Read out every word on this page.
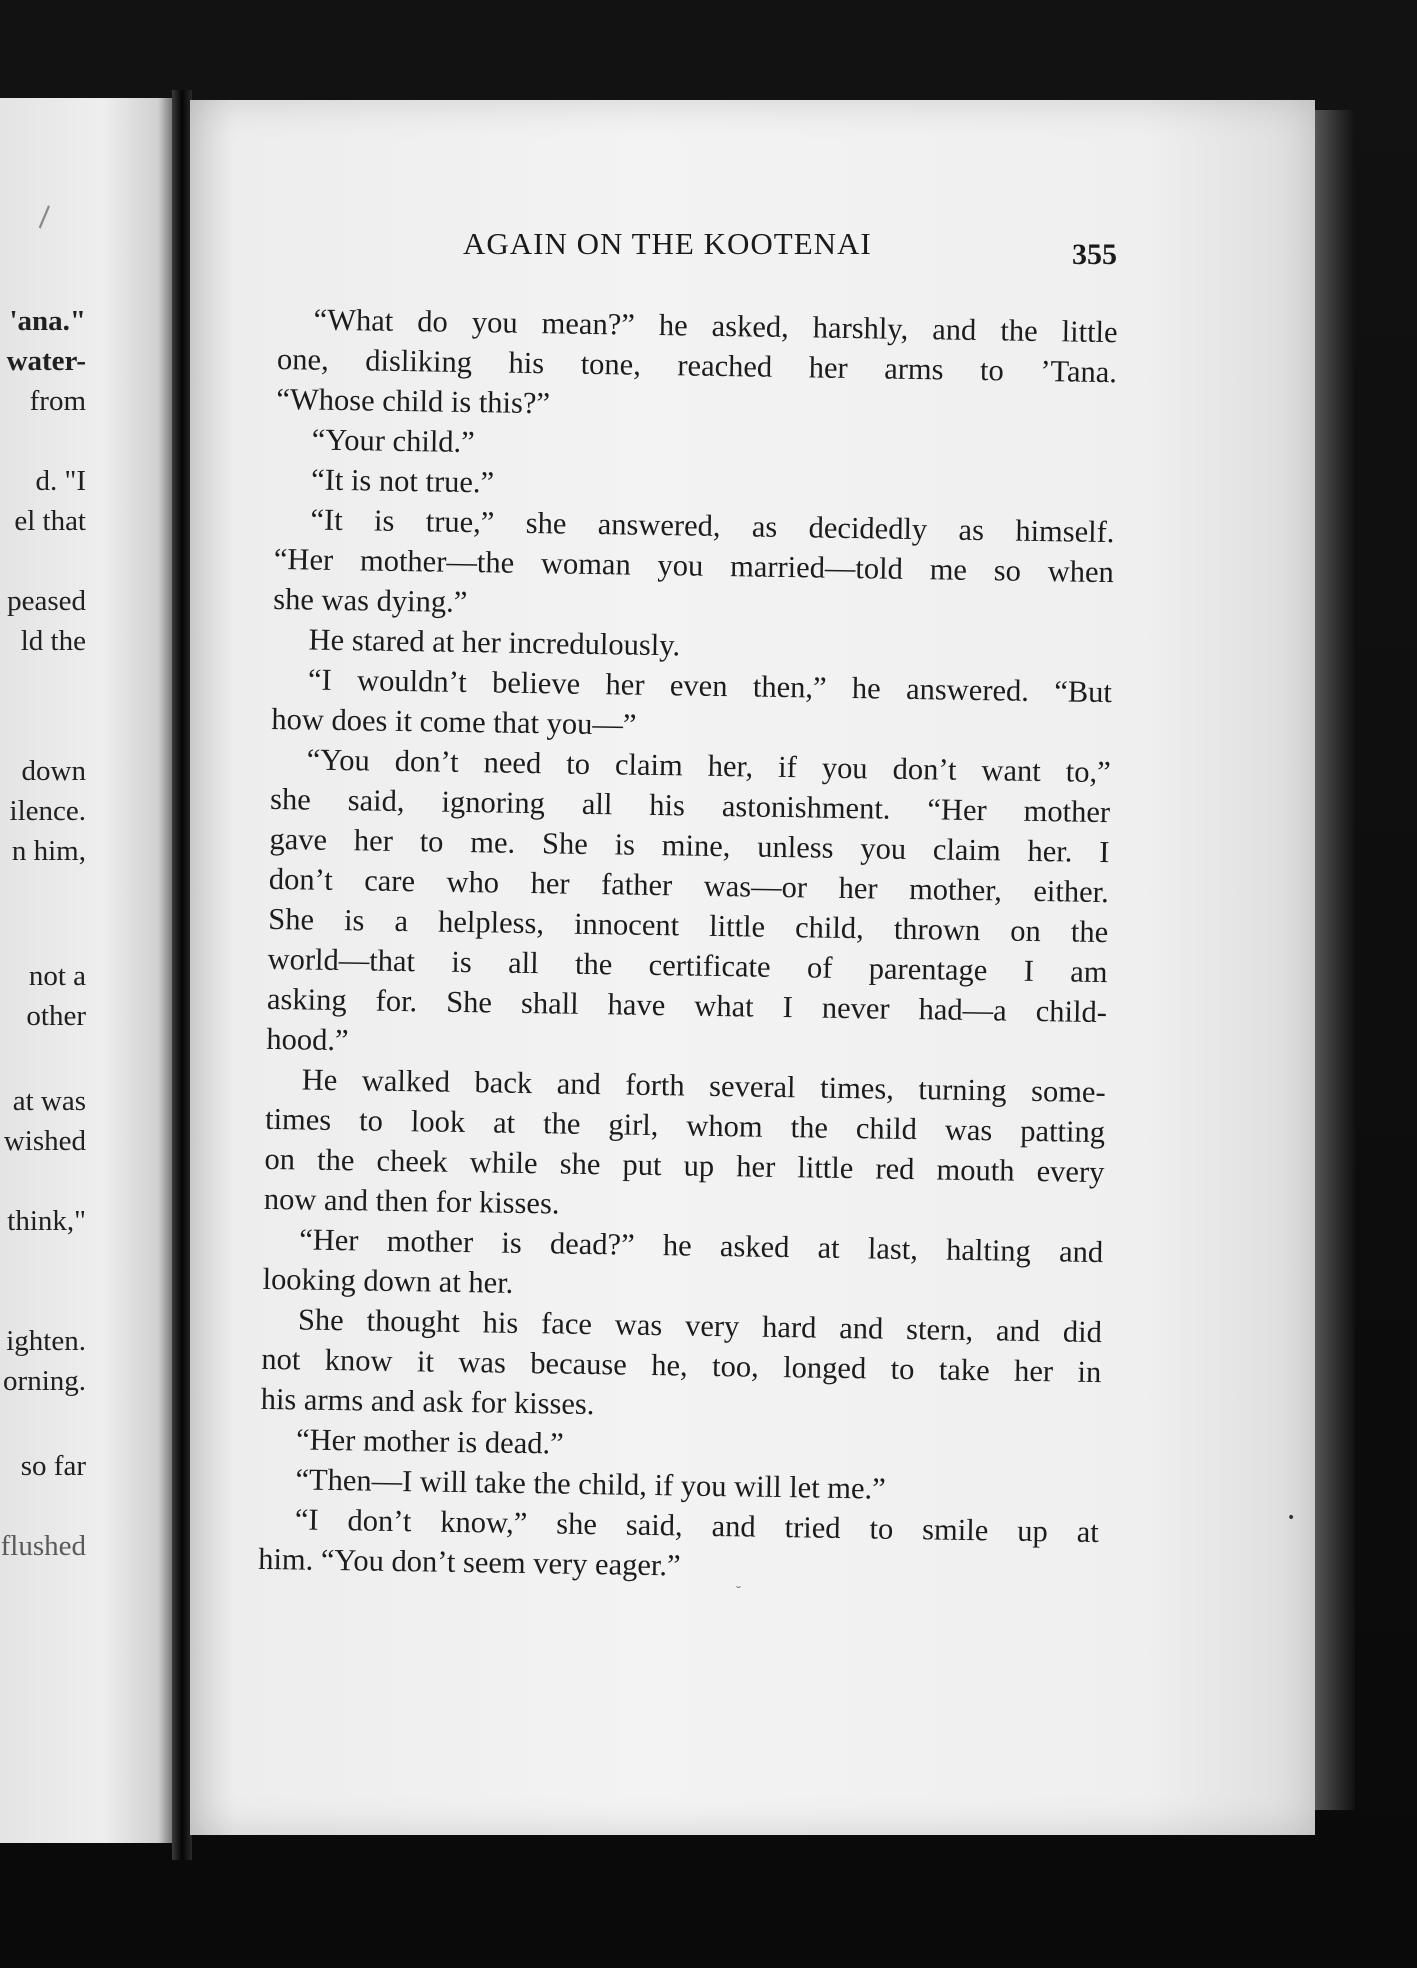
'ana."
water-
from
d. "I
el that
peased
ld the
down
ilence.
n him,
not a
other
at was
wished
think,"
ighten.
orning.
so far
flushed
AGAIN ON THE KOOTENAI	355
“What do you mean?” he asked, harshly, and the little
one, disliking his tone, reached her arms to ’Tana.
“Whose child is this?”
“Your child.”
“It is not true.”
“It is true,” she answered, as decidedly as himself.
“Her mother—the woman you married—told me so when
she was dying.”
He stared at her incredulously.
“I wouldn’t believe her even then,” he answered. “But
how does it come that you—”
“You don’t need to claim her, if you don’t want to,”
she said, ignoring all his astonishment. “Her mother
gave her to me. She is mine, unless you claim her. I
don’t care who her father was—or her mother, either.
She is a helpless, innocent little child, thrown on the
world—that is all the certificate of parentage I am
asking for. She shall have what I never had—a child-
hood.”
He walked back and forth several times, turning some-
times to look at the girl, whom the child was patting
on the cheek while she put up her little red mouth every
now and then for kisses.
“Her mother is dead?” he asked at last, halting and
looking down at her.
She thought his face was very hard and stern, and did
not know it was because he, too, longed to take her in
his arms and ask for kisses.
“Her mother is dead.”
“Then—I will take the child, if you will let me.”
“I don’t know,” she said, and tried to smile up at
him. “You don’t seem very eager.”
˘
•
\
